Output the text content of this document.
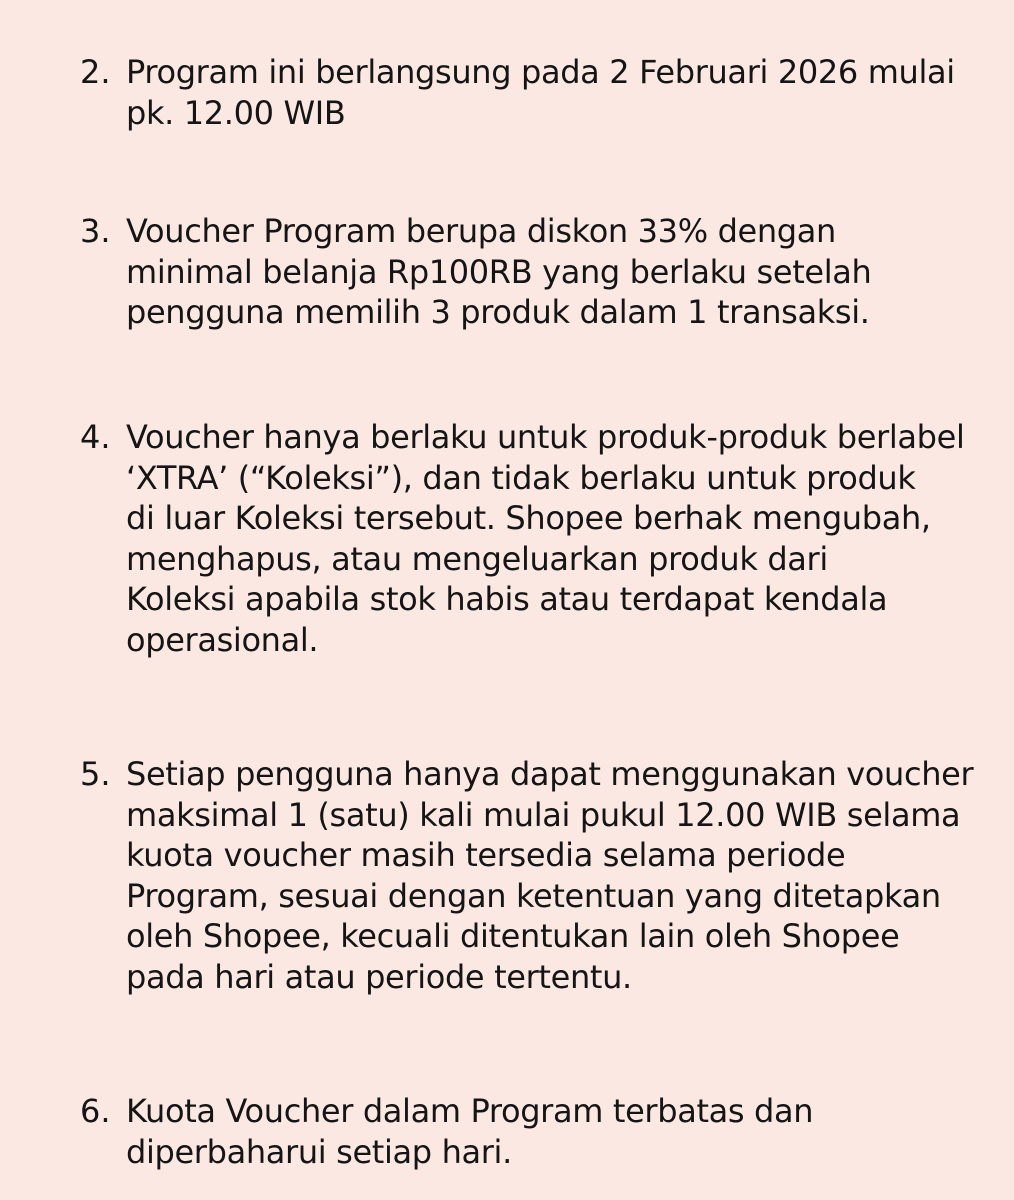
2. Program ini berlangsung pada 2 Februari 2026 mulai
pk. 12.00 WIB
3. Voucher Program berupa diskon 33% dengan
minimal belanja Rp100RB yang berlaku setelah
pengguna memilih 3 produk dalam 1 transaksi.
4. Voucher hanya berlaku untuk produk-produk berlabel
‘XTRA’ (“Koleksi”), dan tidak berlaku untuk produk
di luar Koleksi tersebut. Shopee berhak mengubah,
menghapus, atau mengeluarkan produk dari
Koleksi apabila stok habis atau terdapat kendala
operasional.
5. Setiap pengguna hanya dapat menggunakan voucher
maksimal 1 (satu) kali mulai pukul 12.00 WIB selama
kuota voucher masih tersedia selama periode
Program, sesuai dengan ketentuan yang ditetapkan
oleh Shopee, kecuali ditentukan lain oleh Shopee
pada hari atau periode tertentu.
6. Kuota Voucher dalam Program terbatas dan
diperbaharui setiap hari.
